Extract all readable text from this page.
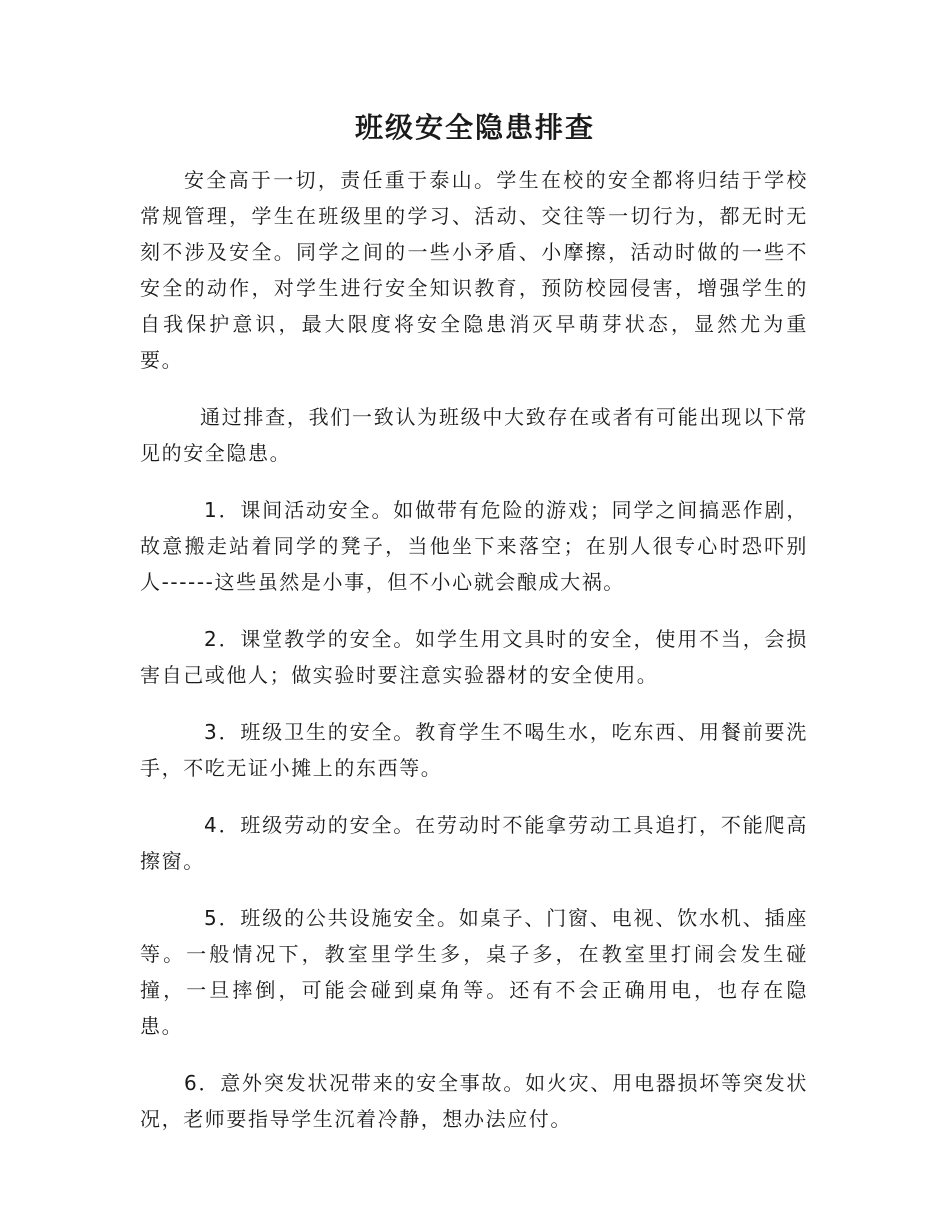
班级安全隐患排查

安全高于一切，责任重于泰山。学生在校的安全都将归结于学校常规管理，学生在班级里的学习、活动、交往等一切行为，都无时无刻不涉及安全。同学之间的一些小矛盾、小摩擦，活动时做的一些不安全的动作，对学生进行安全知识教育，预防校园侵害，增强学生的自我保护意识，最大限度将安全隐患消灭早萌芽状态，显然尤为重要。

通过排查，我们一致认为班级中大致存在或者有可能出现以下常见的安全隐患。

1．课间活动安全。如做带有危险的游戏；同学之间搞恶作剧，故意搬走站着同学的凳子，当他坐下来落空；在别人很专心时恐吓别人------这些虽然是小事，但不小心就会酿成大祸。

2．课堂教学的安全。如学生用文具时的安全，使用不当，会损害自己或他人；做实验时要注意实验器材的安全使用。

3．班级卫生的安全。教育学生不喝生水，吃东西、用餐前要洗手，不吃无证小摊上的东西等。

4．班级劳动的安全。在劳动时不能拿劳动工具追打，不能爬高擦窗。

5．班级的公共设施安全。如桌子、门窗、电视、饮水机、插座等。一般情况下，教室里学生多，桌子多，在教室里打闹会发生碰撞，一旦摔倒，可能会碰到桌角等。还有不会正确用电，也存在隐患。

6．意外突发状况带来的安全事故。如火灾、用电器损坏等突发状况，老师要指导学生沉着冷静，想办法应付。
